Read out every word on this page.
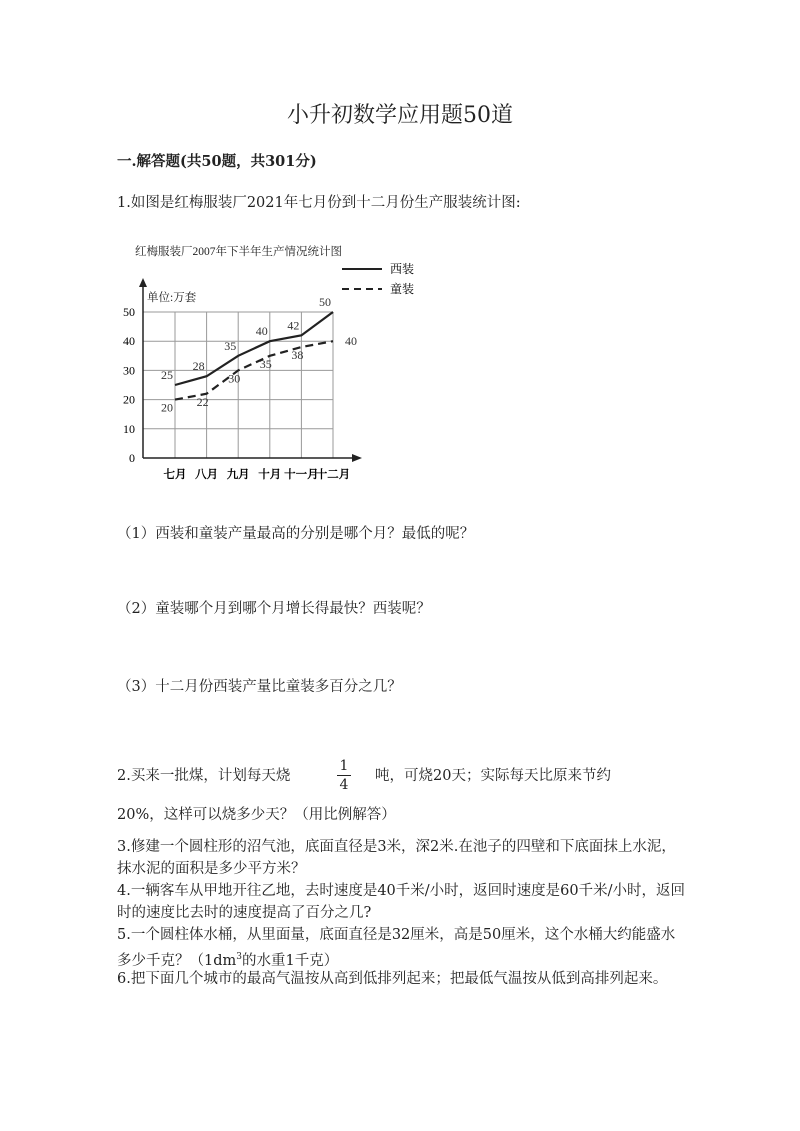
小升初数学应用题50道
一.解答题(共50题，共301分)
1.如图是红梅服装厂2021年七月份到十二月份生产服装统计图:
红梅服装厂2007年下半年生产情况统计图
单位:万套
0
10
20
30
40
50
七月 八月 九月 十月 十一月
十二月
25
28
35
40 42
50
20 22
30
35
38
40
西装
童装
（1）西装和童装产量最高的分别是哪个月？最低的呢？
（2）童装哪个月到哪个月增长得最快？西装呢？
（3）十二月份西装产量比童装多百分之几？
2.买来一批煤，计划每天烧
1
4
吨，可烧20天；实际每天比原来节约
20%，这样可以烧多少天？（用比例解答）
3.修建一个圆柱形的沼气池，底面直径是3米，深2米.在池子的四壁和下底面抹上水泥，抹水泥的面积是多少平方米？
4.一辆客车从甲地开往乙地，去时速度是40千米/小时，返回时速度是60千米/小时，返回时的速度比去时的速度提高了百分之几?
5.一个圆柱体水桶，从里面量，底面直径是32厘米，高是50厘米，这个水桶大约能盛水多少千克？（$1dm^3$的水重1千克）
6.把下面几个城市的最高气温按从高到低排列起来；把最低气温按从低到高排列起来。
